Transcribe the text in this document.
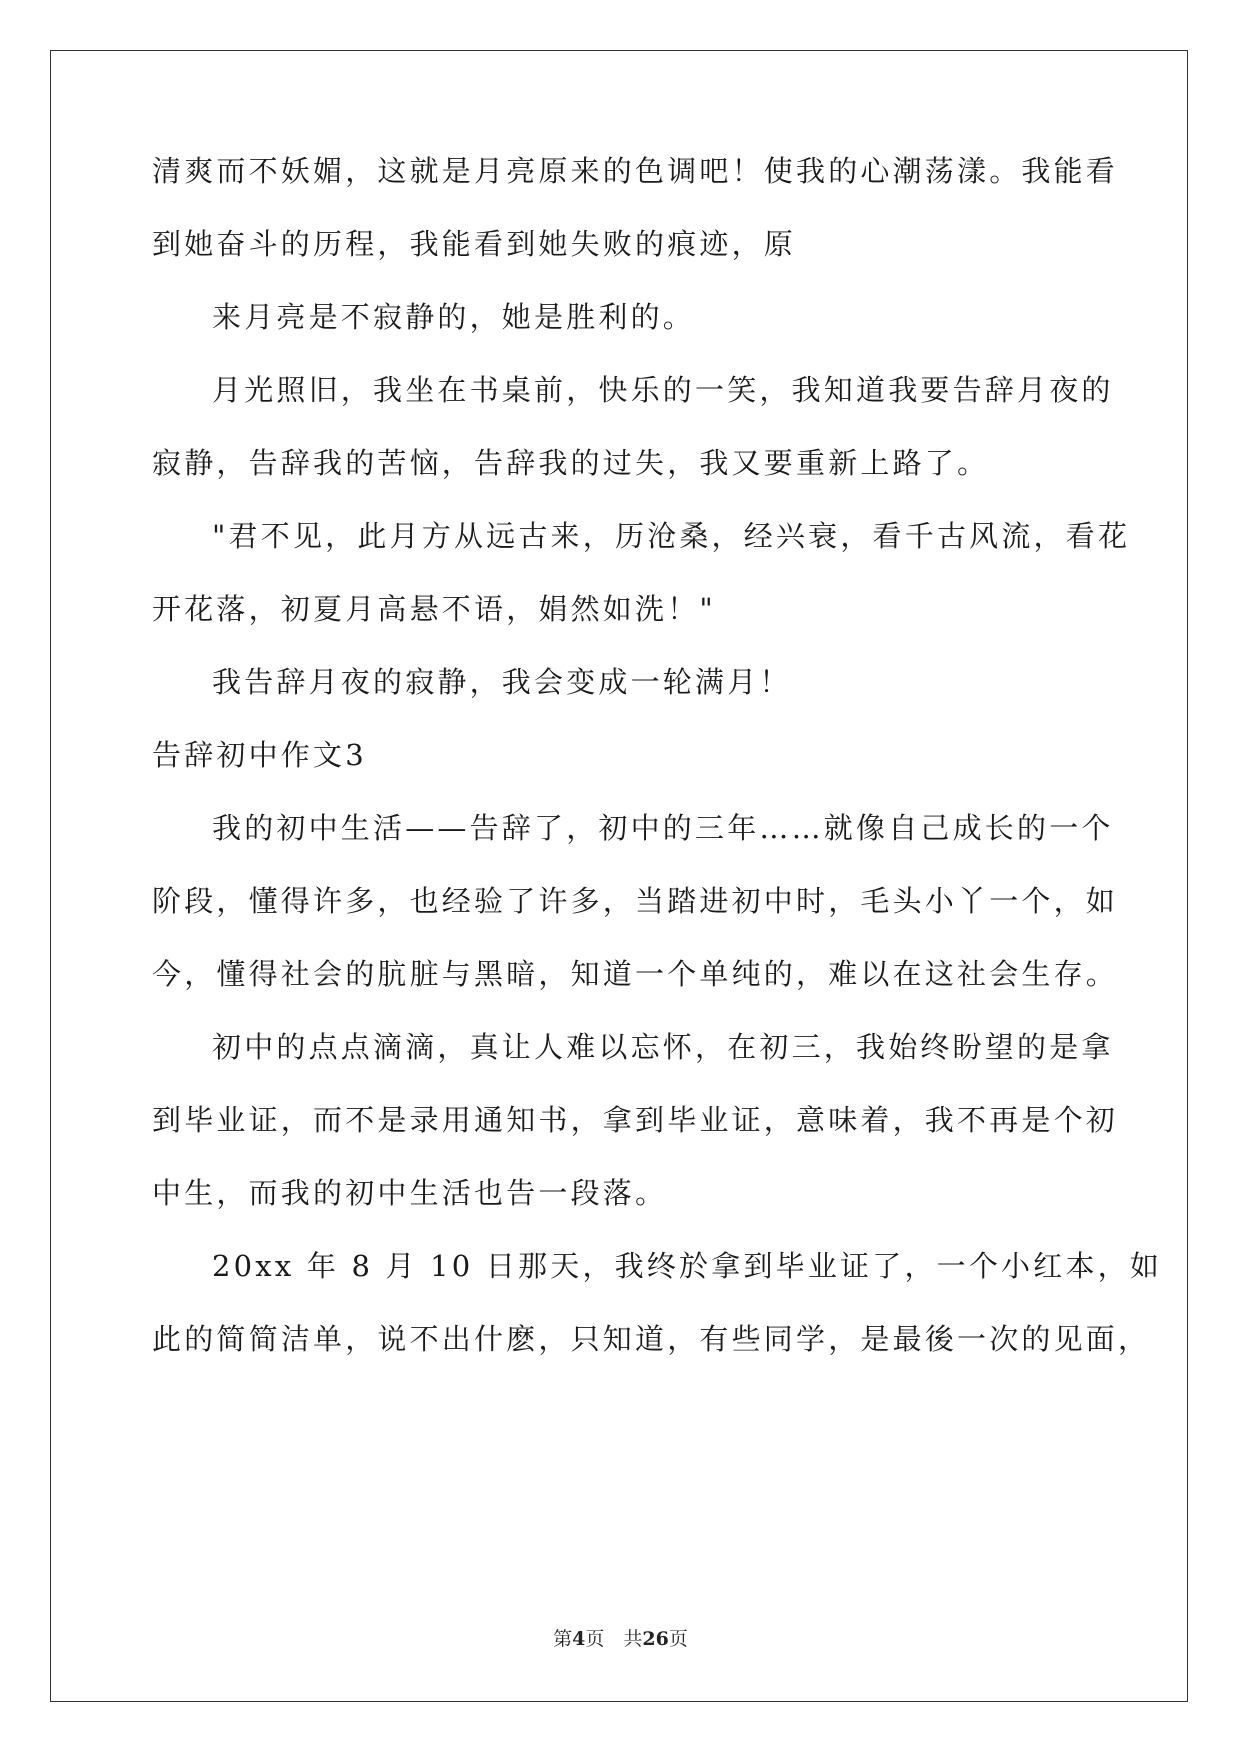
清爽而不妖媚，这就是月亮原来的色调吧！使我的心潮荡漾。我能看
到她奋斗的历程，我能看到她失败的痕迹，原
来月亮是不寂静的，她是胜利的。
月光照旧，我坐在书桌前，快乐的一笑，我知道我要告辞月夜的
寂静，告辞我的苦恼，告辞我的过失，我又要重新上路了。
"君不见，此月方从远古来，历沧桑，经兴衰，看千古风流，看花
开花落，初夏月高悬不语，娟然如洗！"
我告辞月夜的寂静，我会变成一轮满月！
告辞初中作文3
我的初中生活——告辞了，初中的三年……就像自己成长的一个
阶段，懂得许多，也经验了许多，当踏进初中时，毛头小丫一个，如
今，懂得社会的肮脏与黑暗，知道一个单纯的，难以在这社会生存。
初中的点点滴滴，真让人难以忘怀，在初三，我始终盼望的是拿
到毕业证，而不是录用通知书，拿到毕业证，意味着，我不再是个初
中生，而我的初中生活也告一段落。
20xx 年 8 月 10 日那天，我终於拿到毕业证了，一个小红本，如
此的简简洁单，说不出什麽，只知道，有些同学，是最後一次的见面，
第4页　共26页
